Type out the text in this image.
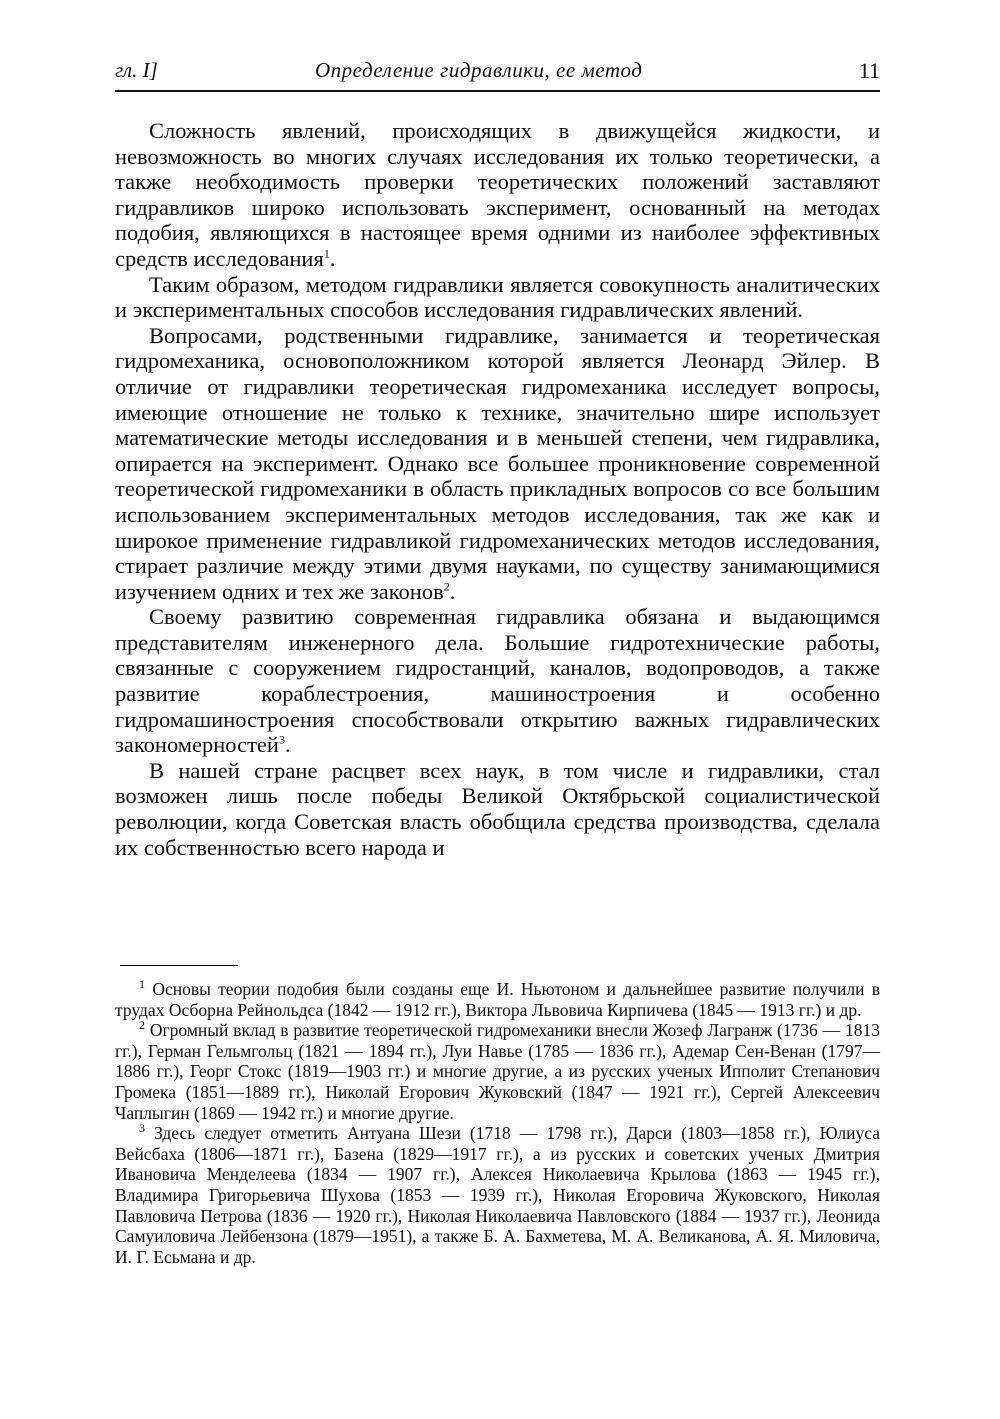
гл. I]	Определение гидравлики, ее метод	11

Сложность явлений, происходящих в движущейся жидкости, и невозможность во многих случаях исследования их только теоретически, а также необходимость проверки теоретических положений заставляют гидравликов широко использовать эксперимент, основанный на методах подобия, являющихся в настоящее время одними из наиболее эффективных средств исследования$^1$.

Таким образом, методом гидравлики является совокупность аналитических и экспериментальных способов исследования гидравлических явлений.

Вопросами, родственными гидравлике, занимается и теоретическая гидромеханика, основоположником которой является Леонард Эйлер. В отличие от гидравлики теоретическая гидромеханика исследует вопросы, имеющие отношение не только к технике, значительно шире использует математические методы исследования и в меньшей степени, чем гидравлика, опирается на эксперимент. Однако все большее проникновение современной теоретической гидромеханики в область прикладных вопросов со все большим использованием экспериментальных методов исследования, так же как и широкое применение гидравликой гидромеханических методов исследования, стирает различие между этими двумя науками, по существу занимающимися изучением одних и тех же законов$^2$.

Своему развитию современная гидравлика обязана и выдающимся представителям инженерного дела. Большие гидротехнические работы, связанные с сооружением гидростанций, каналов, водопроводов, а также развитие кораблестроения, машиностроения и особенно гидромашиностроения способствовали открытию важных гидравлических закономерностей$^3$.

В нашей стране расцвет всех наук, в том числе и гидравлики, стал возможен лишь после победы Великой Октябрьской социалистической революции, когда Советская власть обобщила средства производства, сделала их собственностью всего народа и

$^1$ Основы теории подобия были созданы еще И. Ньютоном и дальнейшее развитие получили в трудах Осборна Рейнольдса (1842 — 1912 гг.), Виктора Львовича Кирпичева (1845 — 1913 гг.) и др.

$^2$ Огромный вклад в развитие теоретической гидромеханики внесли Жозеф Лагранж (1736 — 1813 гг.), Герман Гельмгольц (1821 — 1894 гг.), Луи Навье (1785 — 1836 гг.), Адемар Сен-Венан (1797—1886 гг.), Георг Стокс (1819—1903 гг.) и многие другие, а из русских ученых Ипполит Степанович Громека (1851—1889 гг.), Николай Егорович Жуковский (1847 — 1921 гг.), Сергей Алексеевич Чаплыгин (1869 — 1942 гг.) и многие другие.

$^3$ Здесь следует отметить Антуана Шези (1718 — 1798 гг.), Дарси (1803—1858 гг.), Юлиуса Вейсбаха (1806—1871 гг.), Базена (1829—1917 гг.), а из русских и советских ученых Дмитрия Ивановича Менделеева (1834 — 1907 гг.), Алексея Николаевича Крылова (1863 — 1945 гг.), Владимира Григорьевича Шухова (1853 — 1939 гг.), Николая Егоровича Жуковского, Николая Павловича Петрова (1836 — 1920 гг.), Николая Николаевича Павловского (1884 — 1937 гг.), Леонида Самуиловича Лейбензона (1879—1951), а также Б. А. Бахметева, М. А. Великанова, А. Я. Миловича, И. Г. Есьмана и др.
